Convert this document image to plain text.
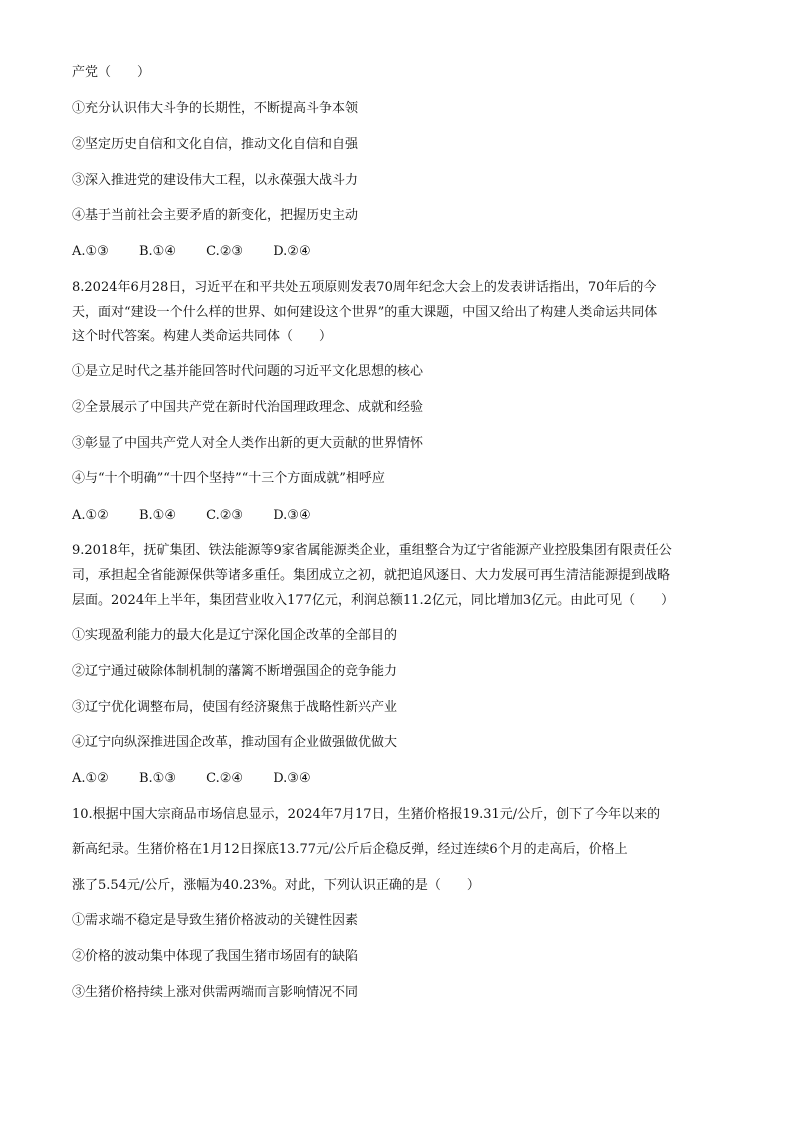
产党（　　）
①充分认识伟大斗争的长期性，不断提高斗争本领
②坚定历史自信和文化自信，推动文化自信和自强
③深入推进党的建设伟大工程，以永葆强大战斗力
④基于当前社会主要矛盾的新变化，把握历史主动
A.①③ B.①④ C.②③ D.②④
8.2024年6月28日，习近平在和平共处五项原则发表70周年纪念大会上的发表讲话指出，70年后的今
天，面对“建设一个什么样的世界、如何建设这个世界”的重大课题，中国又给出了构建人类命运共同体
这个时代答案。构建人类命运共同体（　　）
①是立足时代之基并能回答时代问题的习近平文化思想的核心
②全景展示了中国共产党在新时代治国理政理念、成就和经验
③彰显了中国共产党人对全人类作出新的更大贡献的世界情怀
④与“十个明确”“十四个坚持”“十三个方面成就”相呼应
A.①② B.①④ C.②③ D.③④
9.2018年，抚矿集团、铁法能源等9家省属能源类企业，重组整合为辽宁省能源产业控股集团有限责任公
司，承担起全省能源保供等诸多重任。集团成立之初，就把追风逐日、大力发展可再生清洁能源提到战略
层面。2024年上半年，集团营业收入177亿元，利润总额11.2亿元，同比增加3亿元。由此可见（　　）
①实现盈利能力的最大化是辽宁深化国企改革的全部目的
②辽宁通过破除体制机制的藩篱不断增强国企的竞争能力
③辽宁优化调整布局，使国有经济聚焦于战略性新兴产业
④辽宁向纵深推进国企改革，推动国有企业做强做优做大
A.①② B.①③ C.②④ D.③④
10.根据中国大宗商品市场信息显示，2024年7月17日，生猪价格报19.31元/公斤，创下了今年以来的
新高纪录。生猪价格在1月12日探底13.77元/公斤后企稳反弹，经过连续6个月的走高后，价格上
涨了5.54元/公斤，涨幅为40.23%。对此，下列认识正确的是（　　）
①需求端不稳定是导致生猪价格波动的关键性因素
②价格的波动集中体现了我国生猪市场固有的缺陷
③生猪价格持续上涨对供需两端而言影响情况不同
